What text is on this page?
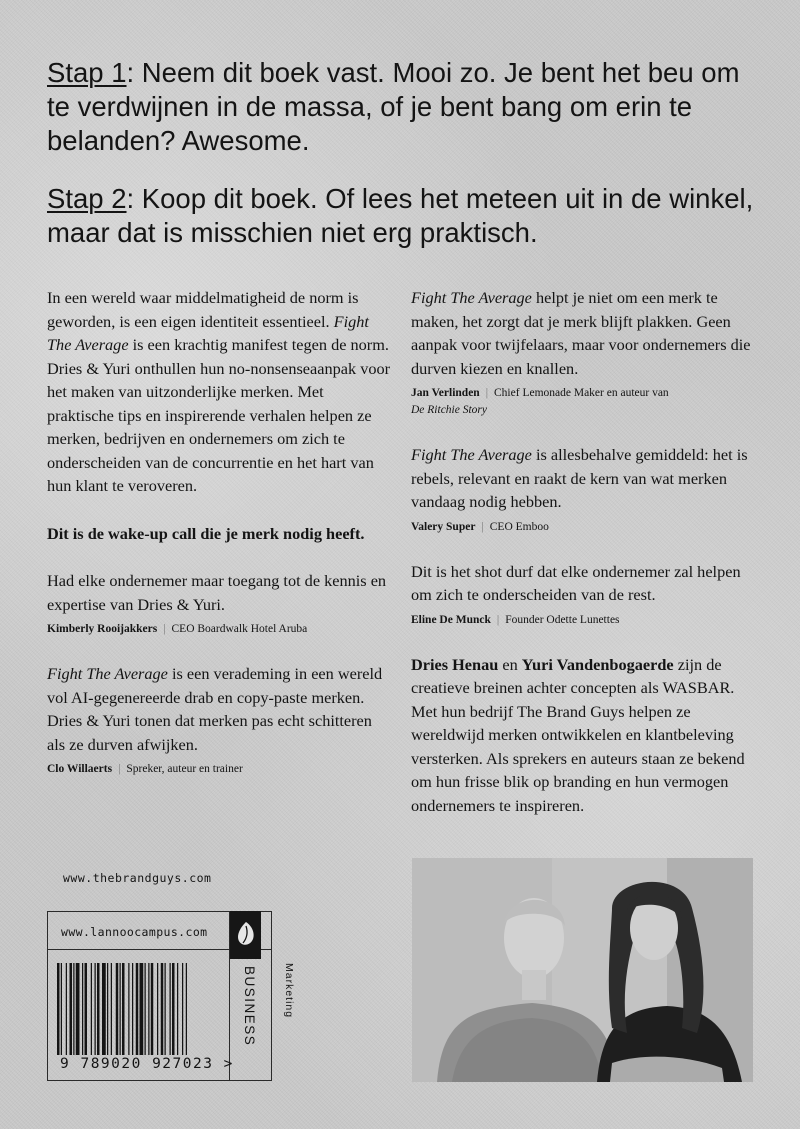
Stap 1: Neem dit boek vast. Mooi zo. Je bent het beu om te verdwijnen in de massa, of je bent bang om erin te belanden? Awesome.

Stap 2: Koop dit boek. Of lees het meteen uit in de winkel, maar dat is misschien niet erg praktisch.

In een wereld waar middelmatigheid de norm is geworden, is een eigen identiteit essentieel. Fight The Average is een krachtig manifest tegen de norm. Dries & Yuri onthullen hun no-nonsenseaanpak voor het maken van uitzonderlijke merken. Met praktische tips en inspirerende verhalen helpen ze merken, bedrijven en ondernemers om zich te onderscheiden van de concurrentie en het hart van hun klant te veroveren.

Dit is de wake-up call die je merk nodig heeft.

Had elke ondernemer maar toegang tot de kennis en expertise van Dries & Yuri.

Kimberly Rooijakkers | CEO Boardwalk Hotel Aruba

Fight The Average is een verademing in een wereld vol AI-gegenereerde drab en copy-paste merken. Dries & Yuri tonen dat merken pas echt schitteren als ze durven afwijken.

Clo Willaerts | Spreker, auteur en trainer

Fight The Average helpt je niet om een merk te maken, het zorgt dat je merk blijft plakken. Geen aanpak voor twijfelaars, maar voor ondernemers die durven kiezen en knallen.

Jan Verlinden | Chief Lemonade Maker en auteur van
De Ritchie Story

Fight The Average is allesbehalve gemiddeld: het is rebels, relevant en raakt de kern van wat merken vandaag nodig hebben.

Valery Super | CEO Emboo

Dit is het shot durf dat elke ondernemer zal helpen om zich te onderscheiden van de rest.

Eline De Munck | Founder Odette Lunettes

Dries Henau en Yuri Vandenbogaerde zijn de creatieve breinen achter concepten als WASBAR. Met hun bedrijf The Brand Guys helpen ze wereldwijd merken ontwikkelen en klantbeleving versterken. Als sprekers en auteurs staan ze bekend om hun frisse blik op branding en hun vermogen ondernemers te inspireren.

www.thebrandguys.com
www.lannoocampus.com
9 789020 927023 >
BUSINESS Marketing
